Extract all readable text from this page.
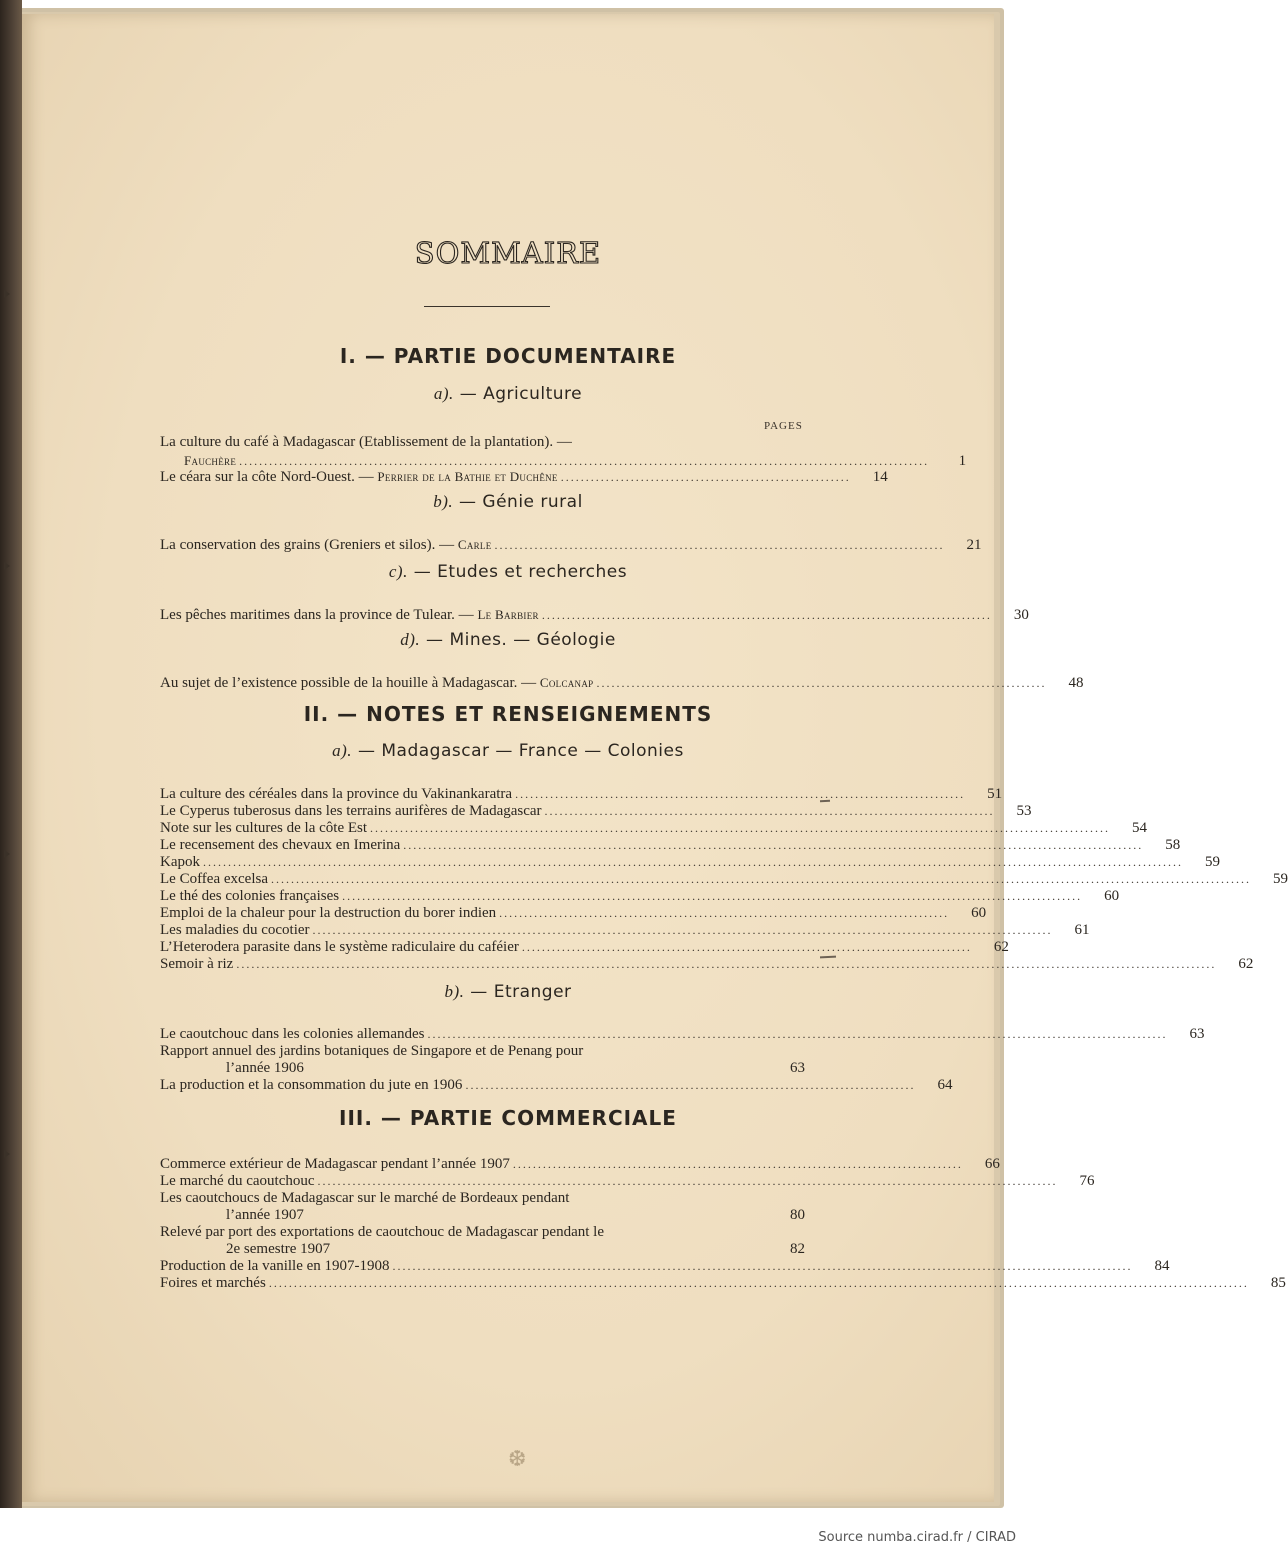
SOMMAIRE
I. — PARTIE DOCUMENTAIRE
a). — Agriculture
PAGES
La culture du café à Madagascar (Etablissement de la plantation). —
Fauchère ..........................................................................................................................................	1
Le céara sur la côte Nord-Ouest. —
Perrier de la Bathie et Duchêne ..........................................................	14
b). — Génie rural
La conservation des grains (Greniers et silos). —
Carle ..........................................................................................	21
c). — Etudes et recherches
Les pêches maritimes dans la province de Tulear. —
Le Barbier ..........................................................................................	30
d). — Mines. — Géologie
Au sujet de l’existence possible de la houille à Madagascar. —
Colcanap ..........................................................................................	48
II. — NOTES ET RENSEIGNEMENTS
a). — Madagascar — France — Colonies
La culture des céréales dans la province du Vakinankaratra ..........................................................................................	51
Le Cyperus tuberosus dans les terrains aurifères de Madagascar ..........................................................................................	53
Note sur les cultures de la côte Est ....................................................................................................................................................	54
Le recensement des chevaux en Imerina ....................................................................................................................................................	58
Kapok ....................................................................................................................................................................................................	59
Le Coffea excelsa ....................................................................................................................................................................................................	59
Le thé des colonies françaises ....................................................................................................................................................	60
Emploi de la chaleur pour la destruction du borer indien ..........................................................................................	60
Les maladies du cocotier ....................................................................................................................................................	61
L’Heterodera parasite dans le système radiculaire du caféier ..........................................................................................	62
Semoir à riz ....................................................................................................................................................................................................	62
b). — Etranger
Le caoutchouc dans les colonies allemandes ....................................................................................................................................................	63
Rapport annuel des jardins botaniques de Singapore et de Penang pour
l’année 1906	63
La production et la consommation du jute en 1906 ..........................................................................................	64
III. — PARTIE COMMERCIALE
Commerce extérieur de Madagascar pendant l’année 1907 ..........................................................................................	66
Le marché du caoutchouc ....................................................................................................................................................	76
Les caoutchoucs de Madagascar sur le marché de Bordeaux pendant
l’année 1907	80
Relevé par port des exportations de caoutchouc de Madagascar pendant le
2e semestre 1907	82
Production de la vanille en 1907-1908 ....................................................................................................................................................	84
Foires et marchés ....................................................................................................................................................................................................	85
❆
Source numba.cirad.fr / CIRAD
